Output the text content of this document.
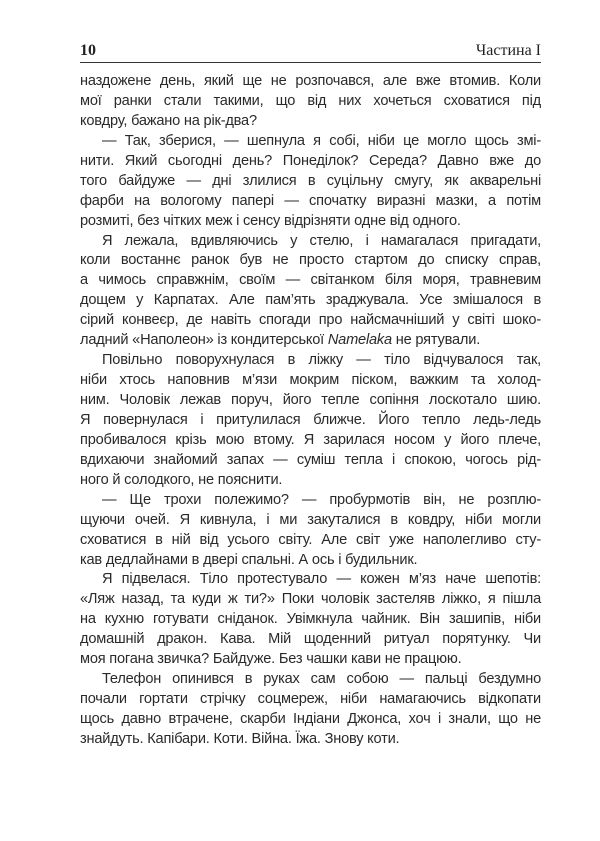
10	Частина I
наздожене день, який ще не розпочався, але вже втомив. Коли
мої ранки стали такими, що від них хочеться сховатися під
ковдру, бажано на рік-два?
— Так, зберися, — шепнула я собі, ніби це могло щось змі-
нити. Який сьогодні день? Понеділок? Середа? Давно вже до
того байдуже — дні злилися в суцільну смугу, як акварельні
фарби на вологому папері — спочатку виразні мазки, а потім
розмиті, без чітких меж і сенсу відрізняти одне від одного.
Я лежала, вдивляючись у стелю, і намагалася пригадати,
коли востаннє ранок був не просто стартом до списку справ,
а чимось справжнім, своїм — світанком біля моря, травневим
дощем у Карпатах. Але пам’ять зраджувала. Усе змішалося в
сірий конвеєр, де навіть спогади про найсмачніший у світі шоко-
ладний «Наполеон» із кондитерської Namelaka не рятували.
Повільно поворухнулася в ліжку — тіло відчувалося так,
ніби хтось наповнив м’язи мокрим піском, важким та холод-
ним. Чоловік лежав поруч, його тепле сопіння лоскотало шию.
Я повернулася і притулилася ближче. Його тепло ледь-ледь
пробивалося крізь мою втому. Я зарилася носом у його плече,
вдихаючи знайомий запах — суміш тепла і спокою, чогось рід-
ного й солодкого, не пояснити.
— Ще трохи полежимо? — пробурмотів він, не розплю-
щуючи очей. Я кивнула, і ми закуталися в ковдру, ніби могли
сховатися в ній від усього світу. Але світ уже наполегливо сту-
кав дедлайнами в двері спальні. А ось і будильник.
Я підвелася. Тіло протестувало — кожен м’яз наче шепотів:
«Ляж назад, та куди ж ти?» Поки чоловік застеляв ліжко, я пішла
на кухню готувати сніданок. Увімкнула чайник. Він зашипів, ніби
домашній дракон. Кава. Мій щоденний ритуал порятунку. Чи
моя погана звичка? Байдуже. Без чашки кави не працюю.
Телефон опинився в руках сам собою — пальці бездумно
почали гортати стрічку соцмереж, ніби намагаючись відкопати
щось давно втрачене, скарби Індіани Джонса, хоч і знали, що не
знайдуть. Капібари. Коти. Війна. Їжа. Знову коти.
